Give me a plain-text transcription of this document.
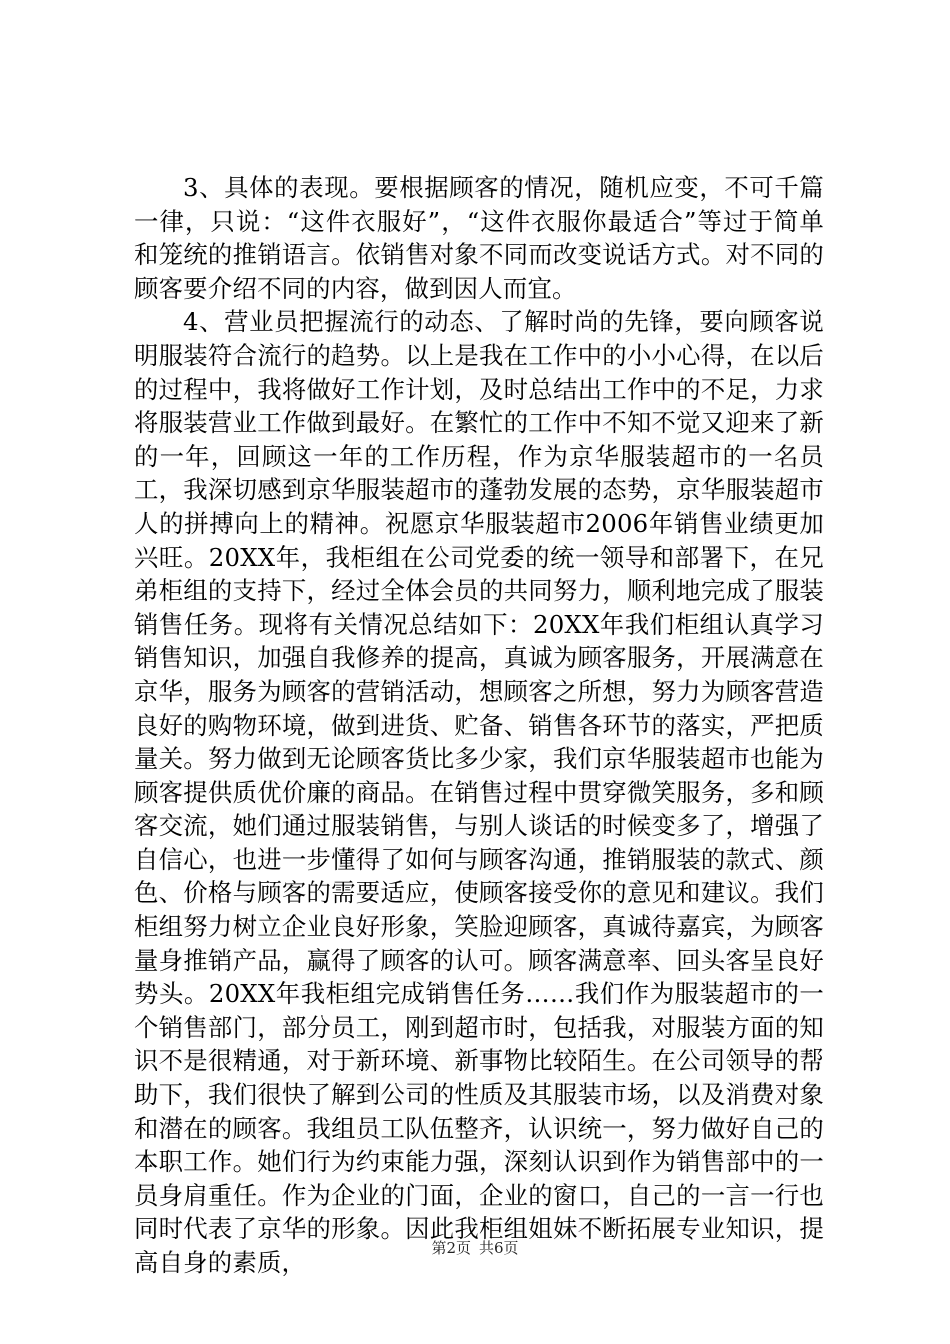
3、具体的表现。要根据顾客的情况，随机应变，不可千篇一律，只说：“这件衣服好”，“这件衣服你最适合”等过于简单和笼统的推销语言。依销售对象不同而改变说话方式。对不同的顾客要介绍不同的内容，做到因人而宜。

4、营业员把握流行的动态、了解时尚的先锋，要向顾客说明服装符合流行的趋势。以上是我在工作中的小小心得，在以后的过程中，我将做好工作计划，及时总结出工作中的不足，力求将服装营业工作做到最好。在繁忙的工作中不知不觉又迎来了新的一年，回顾这一年的工作历程，作为京华服装超市的一名员工，我深切感到京华服装超市的蓬勃发展的态势，京华服装超市人的拼搏向上的精神。祝愿京华服装超市2006年销售业绩更加兴旺。20XX年，我柜组在公司党委的统一领导和部署下，在兄弟柜组的支持下，经过全体会员的共同努力，顺利地完成了服装销售任务。现将有关情况总结如下：20XX年我们柜组认真学习销售知识，加强自我修养的提高，真诚为顾客服务，开展满意在京华，服务为顾客的营销活动，想顾客之所想，努力为顾客营造良好的购物环境，做到进货、贮备、销售各环节的落实，严把质量关。努力做到无论顾客货比多少家，我们京华服装超市也能为顾客提供质优价廉的商品。在销售过程中贯穿微笑服务，多和顾客交流，她们通过服装销售，与别人谈话的时候变多了，增强了自信心，也进一步懂得了如何与顾客沟通，推销服装的款式、颜色、价格与顾客的需要适应，使顾客接受你的意见和建议。我们柜组努力树立企业良好形象，笑脸迎顾客，真诚待嘉宾，为顾客量身推销产品，赢得了顾客的认可。顾客满意率、回头客呈良好势头。20XX年我柜组完成销售任务……我们作为服装超市的一个销售部门，部分员工，刚到超市时，包括我，对服装方面的知识不是很精通，对于新环境、新事物比较陌生。在公司领导的帮助下，我们很快了解到公司的性质及其服装市场，以及消费对象和潜在的顾客。我组员工队伍整齐，认识统一，努力做好自己的本职工作。她们行为约束能力强，深刻认识到作为销售部中的一员身肩重任。作为企业的门面，企业的窗口，自己的一言一行也同时代表了京华的形象。因此我柜组姐妹不断拓展专业知识，提高自身的素质，	第2页 共6页
